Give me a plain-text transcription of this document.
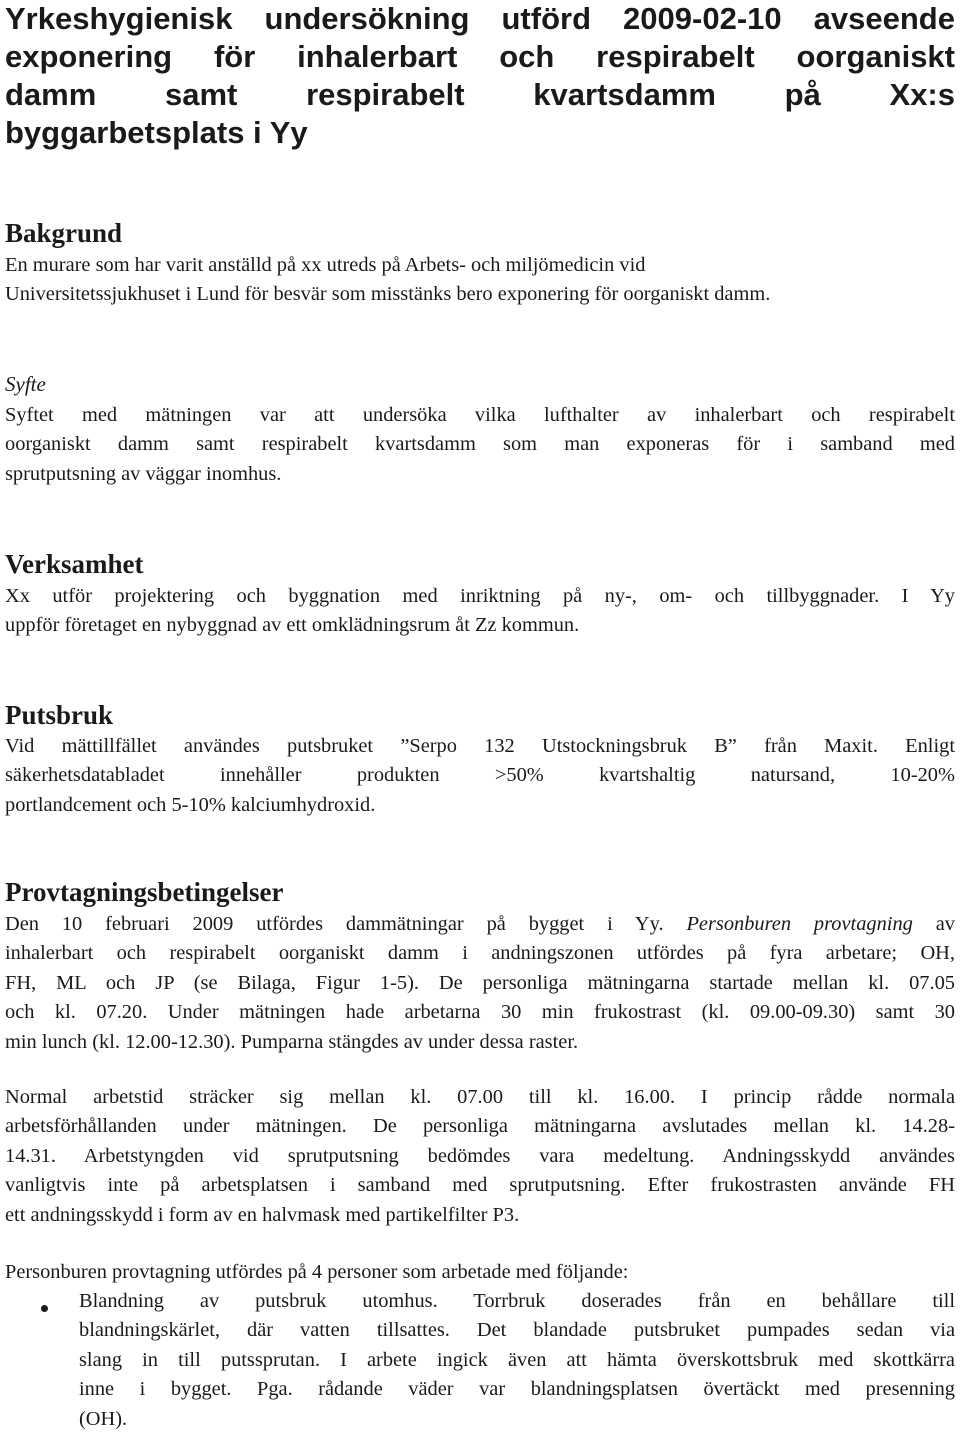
Yrkeshygienisk undersökning utförd 2009-02-10 avseende
exponering för inhalerbart och respirabelt oorganiskt
damm samt respirabelt kvartsdamm på Xx:s
byggarbetsplats i Yy
Bakgrund
En murare som har varit anställd på xx utreds på Arbets- och miljömedicin vid
Universitetssjukhuset i Lund för besvär som misstänks bero exponering för oorganiskt damm.
Syfte
Syftet med mätningen var att undersöka vilka lufthalter av inhalerbart och respirabelt
oorganiskt damm samt respirabelt kvartsdamm som man exponeras för i samband med
sprutputsning av väggar inomhus.
Verksamhet
Xx utför projektering och byggnation med inriktning på ny-, om- och tillbyggnader. I Yy
uppför företaget en nybyggnad av ett omklädningsrum åt Zz kommun.
Putsbruk
Vid mättillfället användes putsbruket ”Serpo 132 Utstockningsbruk B” från Maxit. Enligt
säkerhetsdatabladet innehåller produkten >50% kvartshaltig natursand, 10-20%
portlandcement och 5-10% kalciumhydroxid.
Provtagningsbetingelser
Den 10 februari 2009 utfördes dammätningar på bygget i Yy. Personburen provtagning av
inhalerbart och respirabelt oorganiskt damm i andningszonen utfördes på fyra arbetare; OH,
FH, ML och JP (se Bilaga, Figur 1-5). De personliga mätningarna startade mellan kl. 07.05
och kl. 07.20. Under mätningen hade arbetarna 30 min frukostrast (kl. 09.00-09.30) samt 30
min lunch (kl. 12.00-12.30). Pumparna stängdes av under dessa raster.
Normal arbetstid sträcker sig mellan kl. 07.00 till kl. 16.00. I princip rådde normala
arbetsförhållanden under mätningen. De personliga mätningarna avslutades mellan kl. 14.28-
14.31. Arbetstyngden vid sprutputsning bedömdes vara medeltung. Andningsskydd användes
vanligtvis inte på arbetsplatsen i samband med sprutputsning. Efter frukostrasten använde FH
ett andningsskydd i form av en halvmask med partikelfilter P3.
Personburen provtagning utfördes på 4 personer som arbetade med följande:
Blandning av putsbruk utomhus. Torrbruk doserades från en behållare till
blandningskärlet, där vatten tillsattes. Det blandade putsbruket pumpades sedan via
slang in till putssprutan. I arbete ingick även att hämta överskottsbruk med skottkärra
inne i bygget. Pga. rådande väder var blandningsplatsen övertäckt med presenning
(OH).
